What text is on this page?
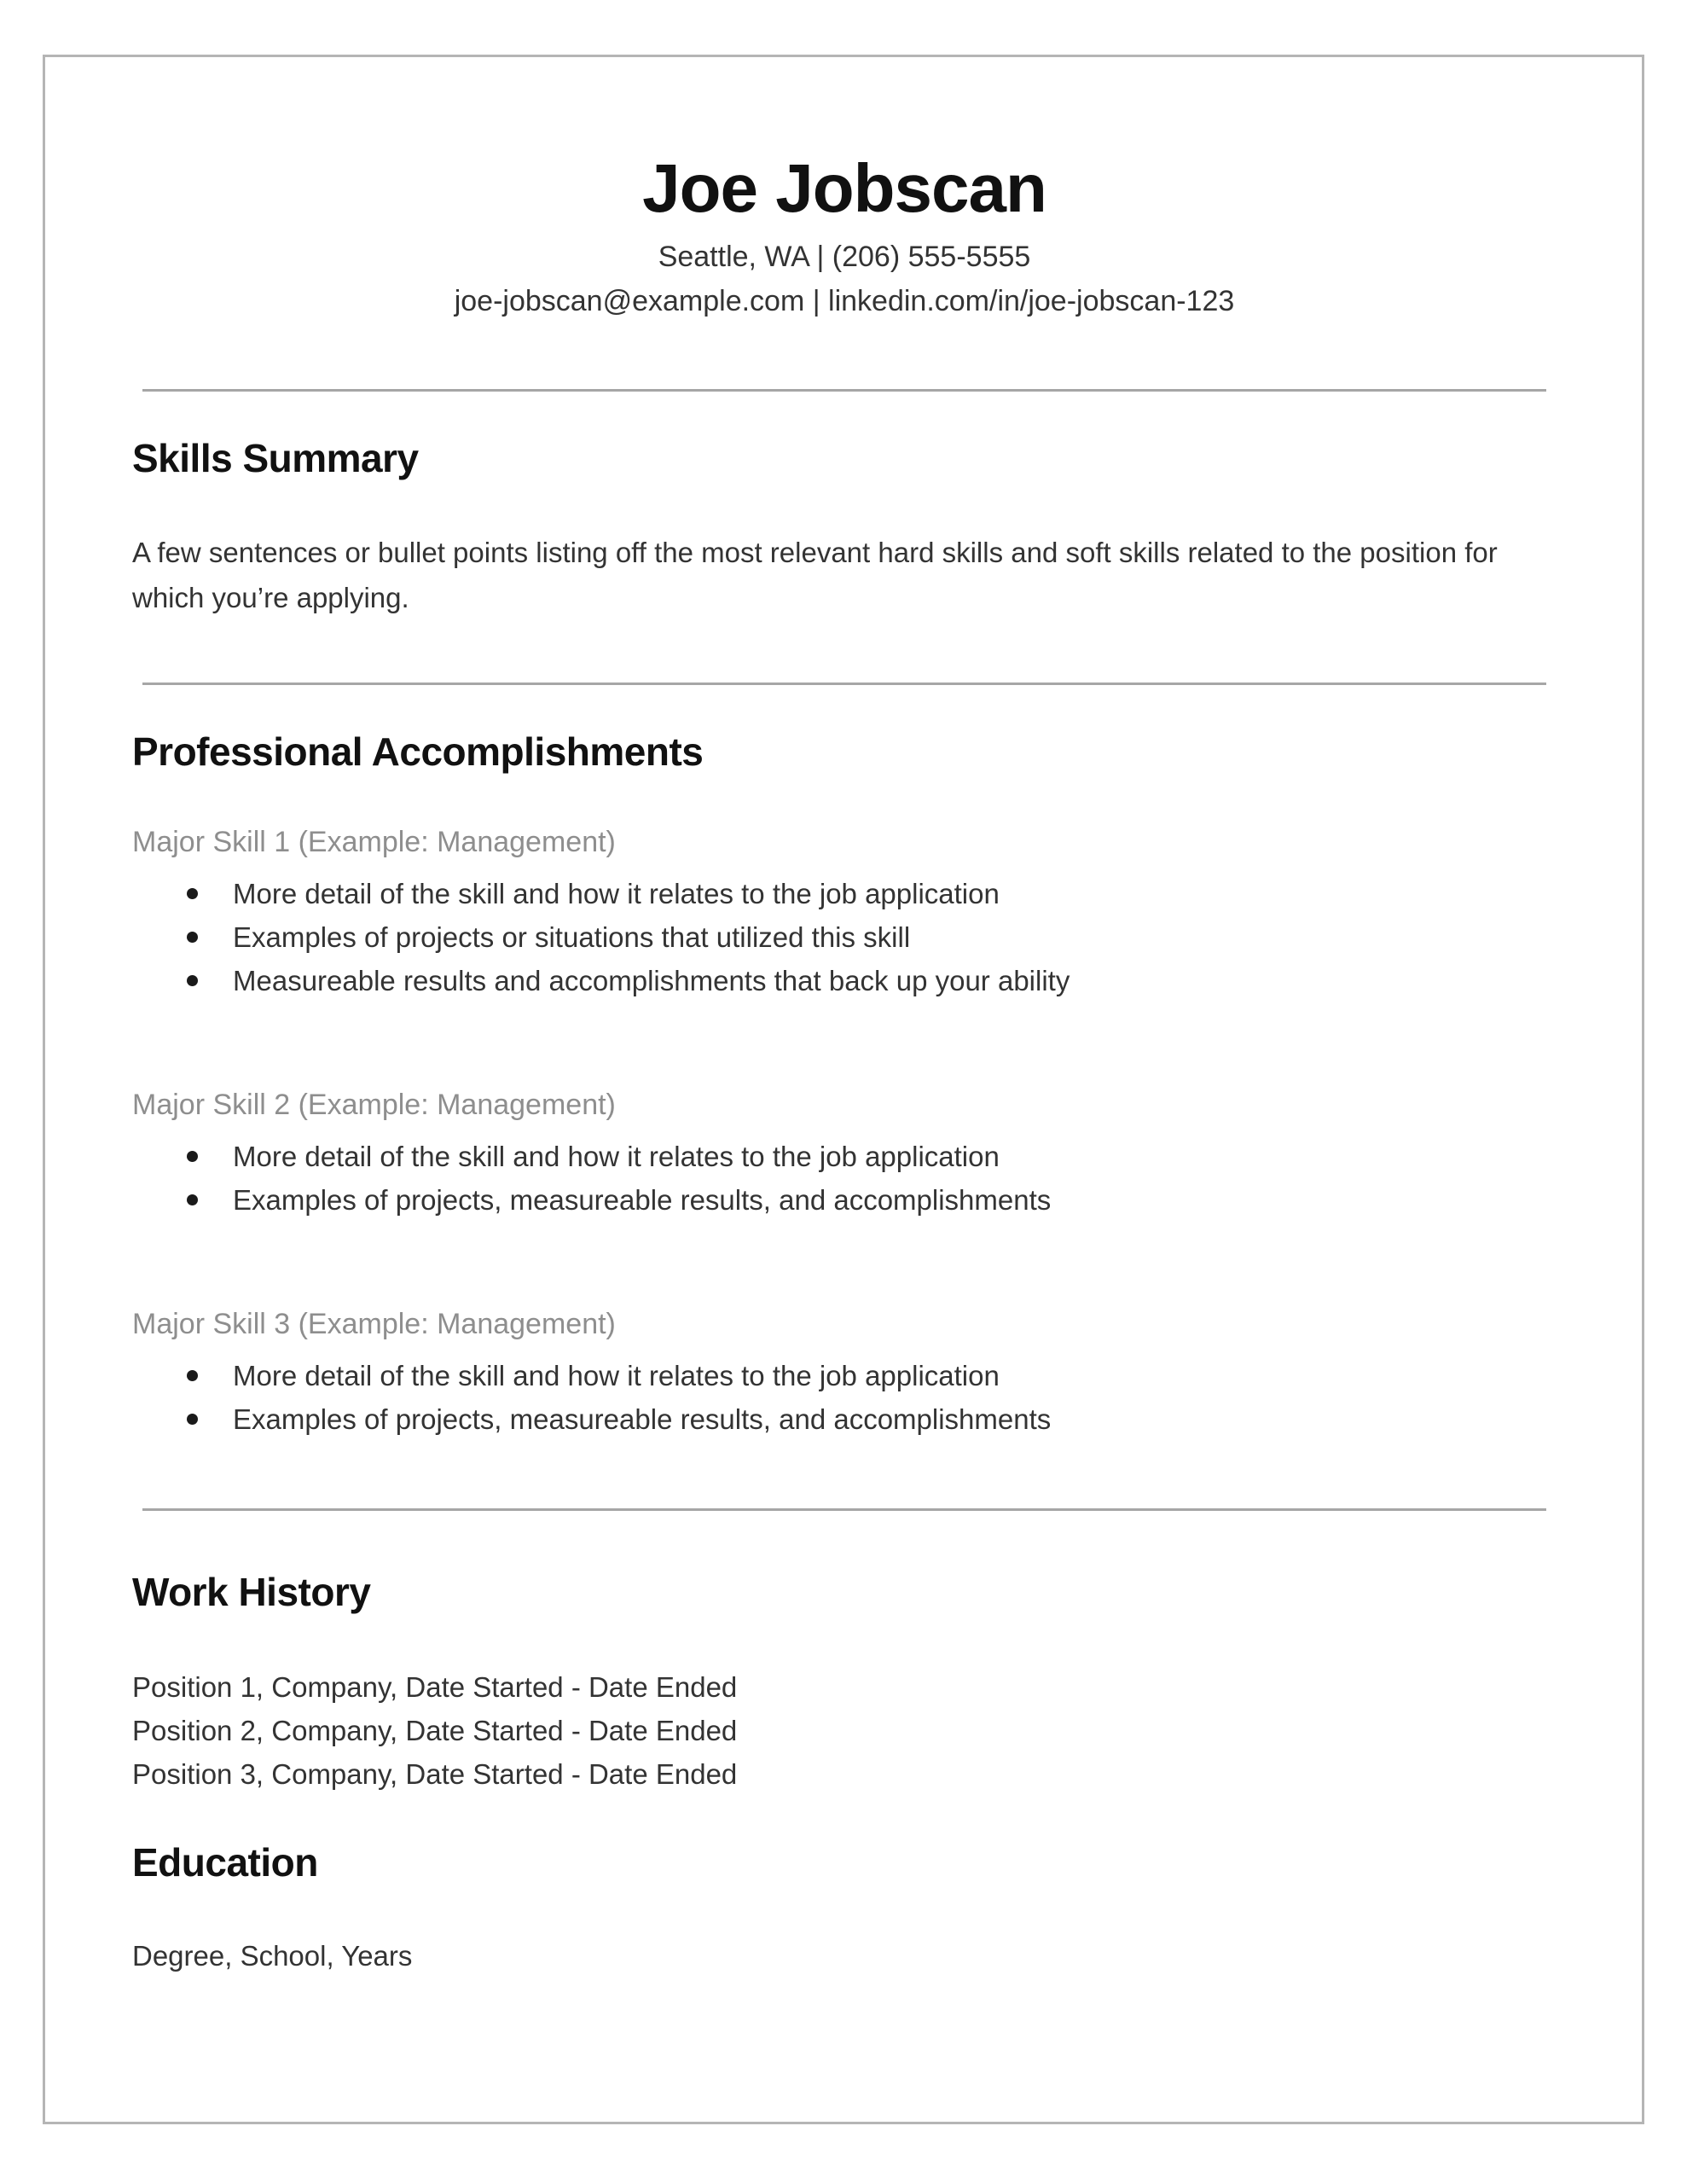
Joe Jobscan
Seattle, WA | (206) 555-5555
joe-jobscan@example.com | linkedin.com/in/joe-jobscan-123
Skills Summary

A few sentences or bullet points listing off the most relevant hard skills and soft skills related to the position for which you’re applying.

Professional Accomplishments
Major Skill 1 (Example: Management)
More detail of the skill and how it relates to the job application
Examples of projects or situations that utilized this skill
Measureable results and accomplishments that back up your ability
Major Skill 2 (Example: Management)
More detail of the skill and how it relates to the job application
Examples of projects, measureable results, and accomplishments
Major Skill 3 (Example: Management)
More detail of the skill and how it relates to the job application
Examples of projects, measureable results, and accomplishments
Work History
Position 1, Company, Date Started - Date Ended
Position 2, Company, Date Started - Date Ended
Position 3, Company, Date Started - Date Ended
Education
Degree, School, Years
